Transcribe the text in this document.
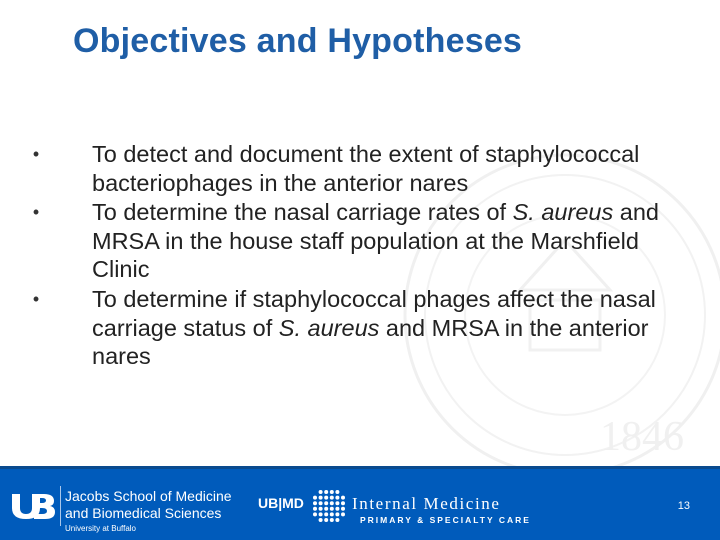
1846
Objectives and Hypotheses
• To detect and document the extent of staphylococcal bacteriophages in the anterior nares
• To determine the nasal carriage rates of S. aureus and MRSA in the house staff population at the Marshfield Clinic
• To determine if staphylococcal phages affect the nasal carriage status of S. aureus and MRSA in the anterior nares
Jacobs School of Medicine
and Biomedical Sciences
University at Buffalo
UB|MD	Internal Medicine
PRIMARY & SPECIALTY CARE
13
